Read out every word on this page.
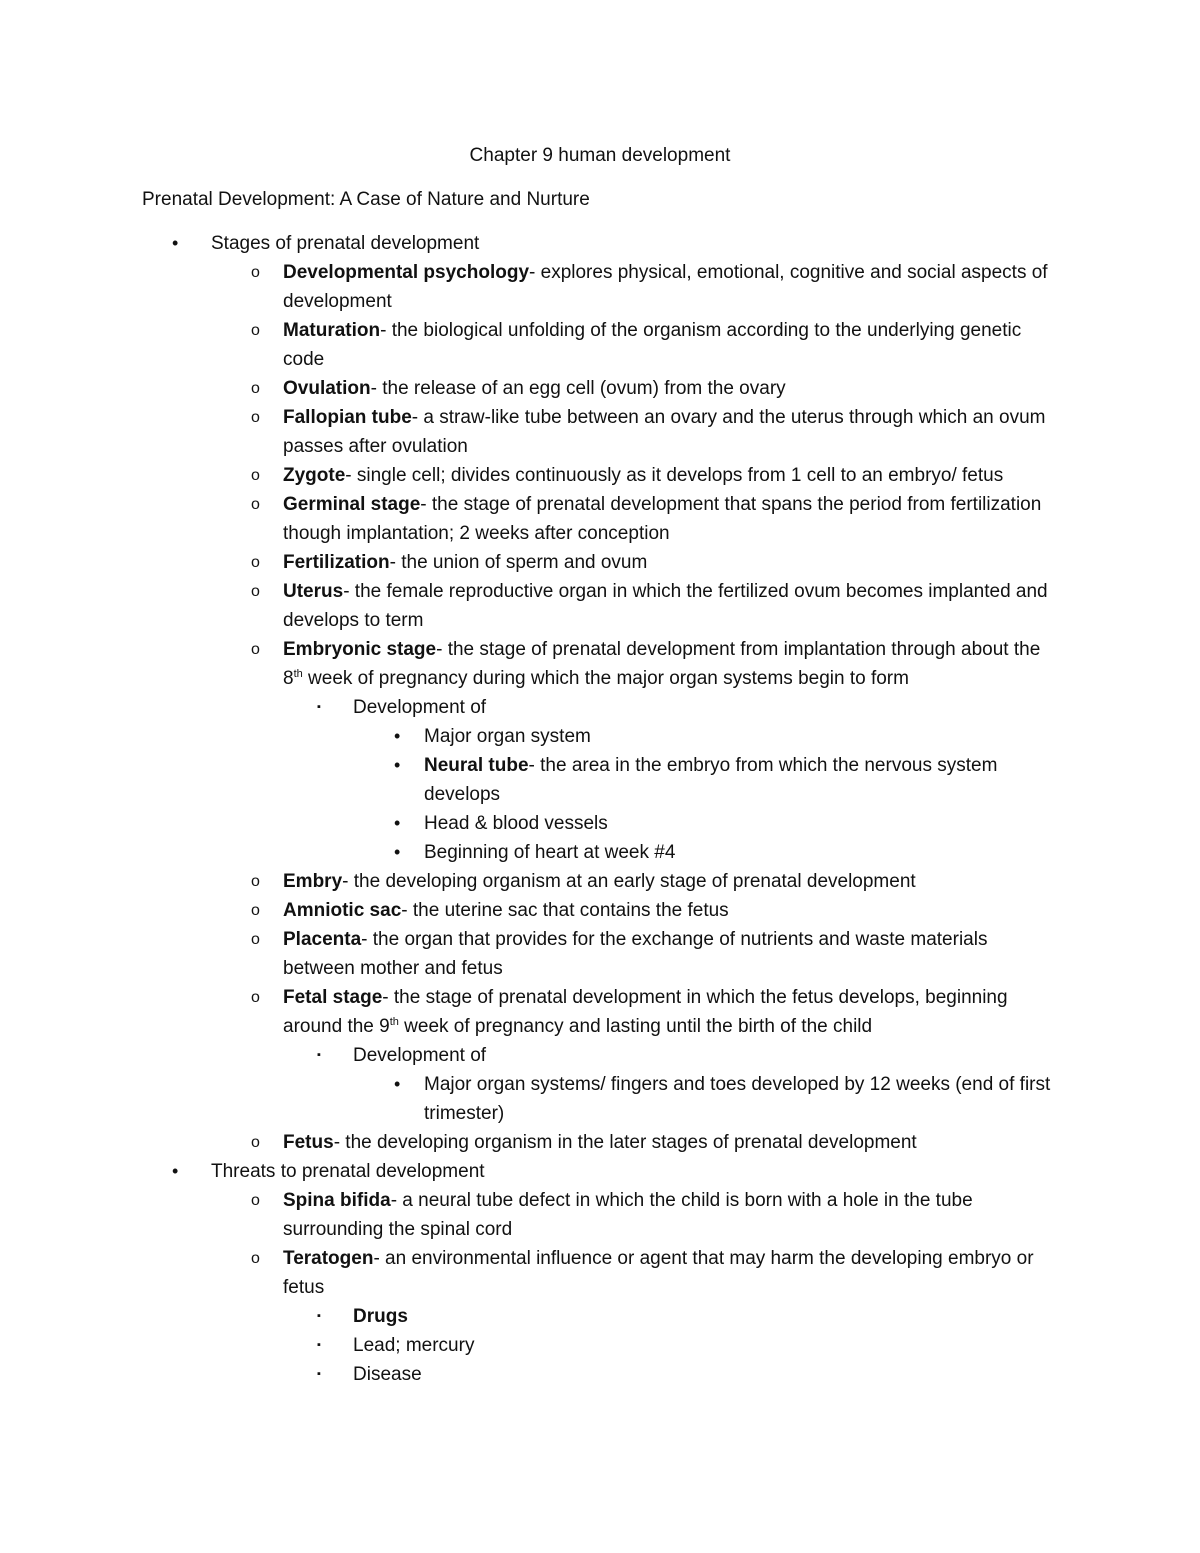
Chapter 9 human development
Prenatal Development: A Case of Nature and Nurture
• Stages of prenatal development
o Developmental psychology- explores physical, emotional, cognitive and social aspects of development
o Maturation- the biological unfolding of the organism according to the underlying genetic code
o Ovulation- the release of an egg cell (ovum) from the ovary
o Fallopian tube- a straw-like tube between an ovary and the uterus through which an ovum passes after ovulation
o Zygote- single cell; divides continuously as it develops from 1 cell to an embryo/ fetus
o Germinal stage- the stage of prenatal development that spans the period from fertilization though implantation; 2 weeks after conception
o Fertilization- the union of sperm and ovum
o Uterus- the female reproductive organ in which the fertilized ovum becomes implanted and develops to term
o Embryonic stage- the stage of prenatal development from implantation through about the 8th week of pregnancy during which the major organ systems begin to form
▪ Development of
• Major organ system
• Neural tube- the area in the embryo from which the nervous system develops
• Head & blood vessels
• Beginning of heart at week #4
o Embry- the developing organism at an early stage of prenatal development
o Amniotic sac- the uterine sac that contains the fetus
o Placenta- the organ that provides for the exchange of nutrients and waste materials between mother and fetus
o Fetal stage- the stage of prenatal development in which the fetus develops, beginning around the 9th week of pregnancy and lasting until the birth of the child
▪ Development of
• Major organ systems/ fingers and toes developed by 12 weeks (end of first trimester)
o Fetus- the developing organism in the later stages of prenatal development
• Threats to prenatal development
o Spina bifida- a neural tube defect in which the child is born with a hole in the tube surrounding the spinal cord
o Teratogen- an environmental influence or agent that may harm the developing embryo or fetus
▪ Drugs
▪ Lead; mercury
▪ Disease
